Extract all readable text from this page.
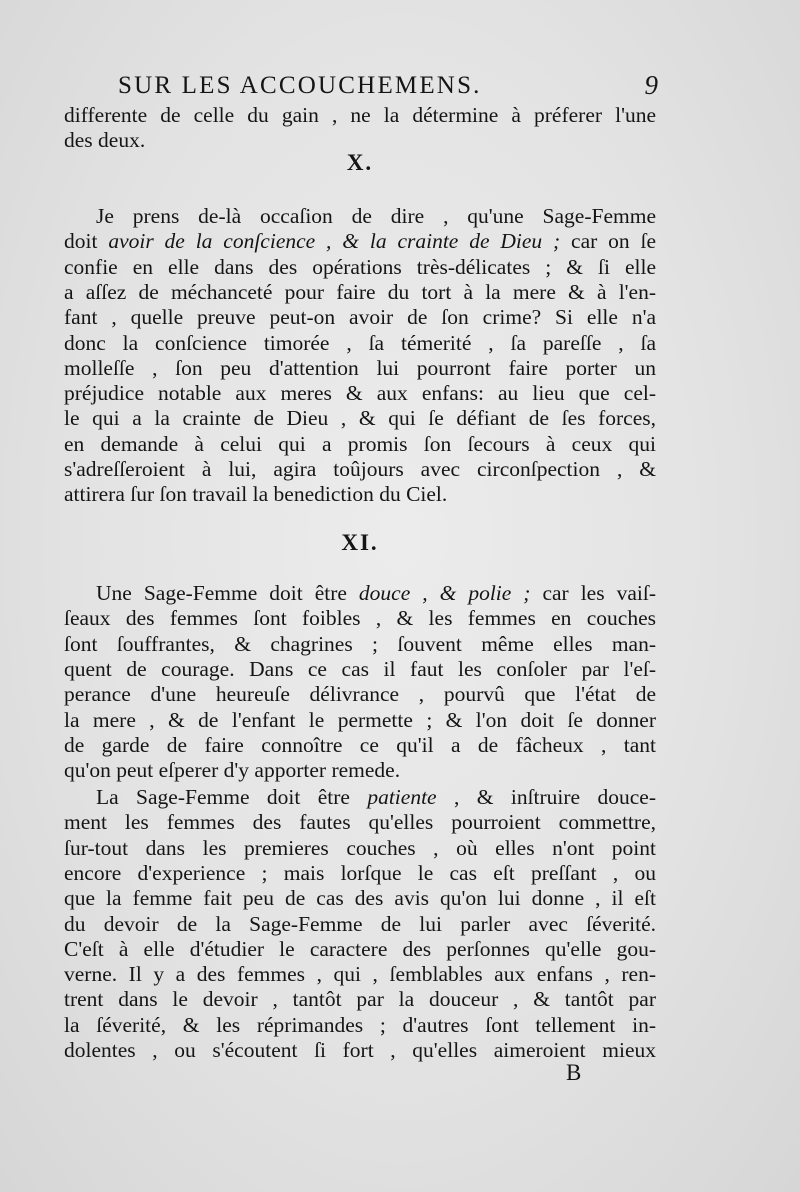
SUR LES ACCOUCHEMENS.	9
differente de celle du gain , ne la détermine à préferer l'une
des deux.
X.
Je prens de-là occaſion de dire , qu'une Sage-Femme
doit avoir de la conſcience , & la crainte de Dieu ; car on ſe
confie en elle dans des opérations très-délicates ; & ſi elle
a aſſez de méchanceté pour faire du tort à la mere & à l'en-
fant , quelle preuve peut-on avoir de ſon crime? Si elle n'a
donc la conſcience timorée , ſa témerité , ſa pareſſe , ſa
molleſſe , ſon peu d'attention lui pourront faire porter un
préjudice notable aux meres & aux enfans: au lieu que cel-
le qui a la crainte de Dieu , & qui ſe défiant de ſes forces,
en demande à celui qui a promis ſon ſecours à ceux qui
s'adreſſeroient à lui, agira toûjours avec circonſpection , &
attirera ſur ſon travail la benediction du Ciel.
XI.
Une Sage-Femme doit être douce , & polie ; car les vaiſ-
ſeaux des femmes ſont foibles , & les femmes en couches
ſont ſouffrantes, & chagrines ; ſouvent même elles man-
quent de courage. Dans ce cas il faut les conſoler par l'eſ-
perance d'une heureuſe délivrance , pourvû que l'état de
la mere , & de l'enfant le permette ; & l'on doit ſe donner
de garde de faire connoître ce qu'il a de fâcheux , tant
qu'on peut eſperer d'y apporter remede.
La Sage-Femme doit être patiente , & inſtruire douce-
ment les femmes des fautes qu'elles pourroient commettre,
ſur-tout dans les premieres couches , où elles n'ont point
encore d'experience ; mais lorſque le cas eſt preſſant , ou
que la femme fait peu de cas des avis qu'on lui donne , il eſt
du devoir de la Sage-Femme de lui parler avec ſéverité.
C'eſt à elle d'étudier le caractere des perſonnes qu'elle gou-
verne. Il y a des femmes , qui , ſemblables aux enfans , ren-
trent dans le devoir , tantôt par la douceur , & tantôt par
la ſéverité, & les réprimandes ; d'autres ſont tellement in-
dolentes , ou s'écoutent ſi fort , qu'elles aimeroient mieux
B
